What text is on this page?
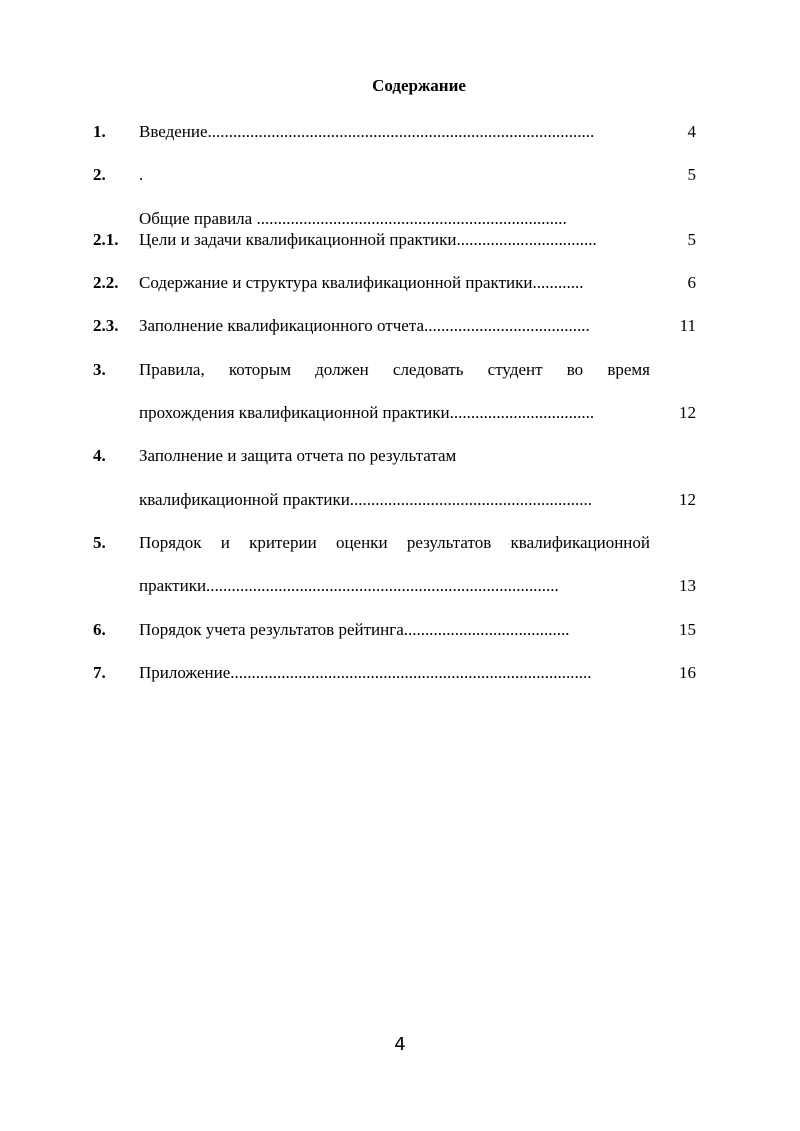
Содержание
1. Введение...........................................................................................	4
2. .	5
Общие правила .........................................................................
2.1. Цели и задачи квалификационной практики.................................	5
2.2. Содержание и структура квалификационной практики............	6
2.3. Заполнение квалификационного отчета.......................................	11
3. Правила, которым должен следовать студент во время
прохождения квалификационной практики..................................	12
4. Заполнение и защита отчета по результатам
квалификационной практики.........................................................	12
5. Порядок и критерии оценки результатов квалификационной
практики...................................................................................	13
6. Порядок учета результатов рейтинга.......................................	15
7. Приложение.....................................................................................	16
4
